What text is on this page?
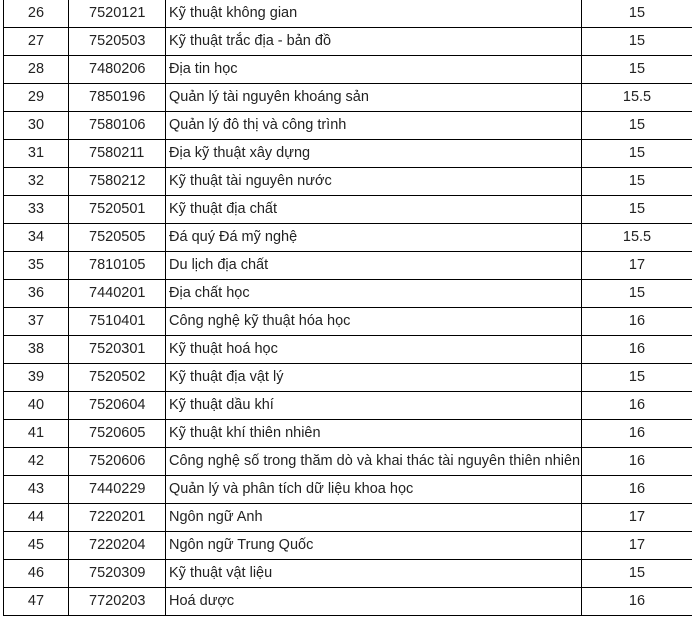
26	7520121	Kỹ thuật không gian	15
27	7520503	Kỹ thuật trắc địa - bản đồ	15
28	7480206	Địa tin học	15
29	7850196	Quản lý tài nguyên khoáng sản	15.5
30	7580106	Quản lý đô thị và công trình	15
31	7580211	Địa kỹ thuật xây dựng	15
32	7580212	Kỹ thuật tài nguyên nước	15
33	7520501	Kỹ thuật địa chất	15
34	7520505	Đá quý Đá mỹ nghệ	15.5
35	7810105	Du lịch địa chất	17
36	7440201	Địa chất học	15
37	7510401	Công nghệ kỹ thuật hóa học	16
38	7520301	Kỹ thuật hoá học	16
39	7520502	Kỹ thuật địa vật lý	15
40	7520604	Kỹ thuật dầu khí	16
41	7520605	Kỹ thuật khí thiên nhiên	16
42	7520606	Công nghệ số trong thăm dò và khai thác tài nguyên thiên nhiên	16
43	7440229	Quản lý và phân tích dữ liệu khoa học	16
44	7220201	Ngôn ngữ Anh	17
45	7220204	Ngôn ngữ Trung Quốc	17
46	7520309	Kỹ thuật vật liệu	15
47	7720203	Hoá dược	16
